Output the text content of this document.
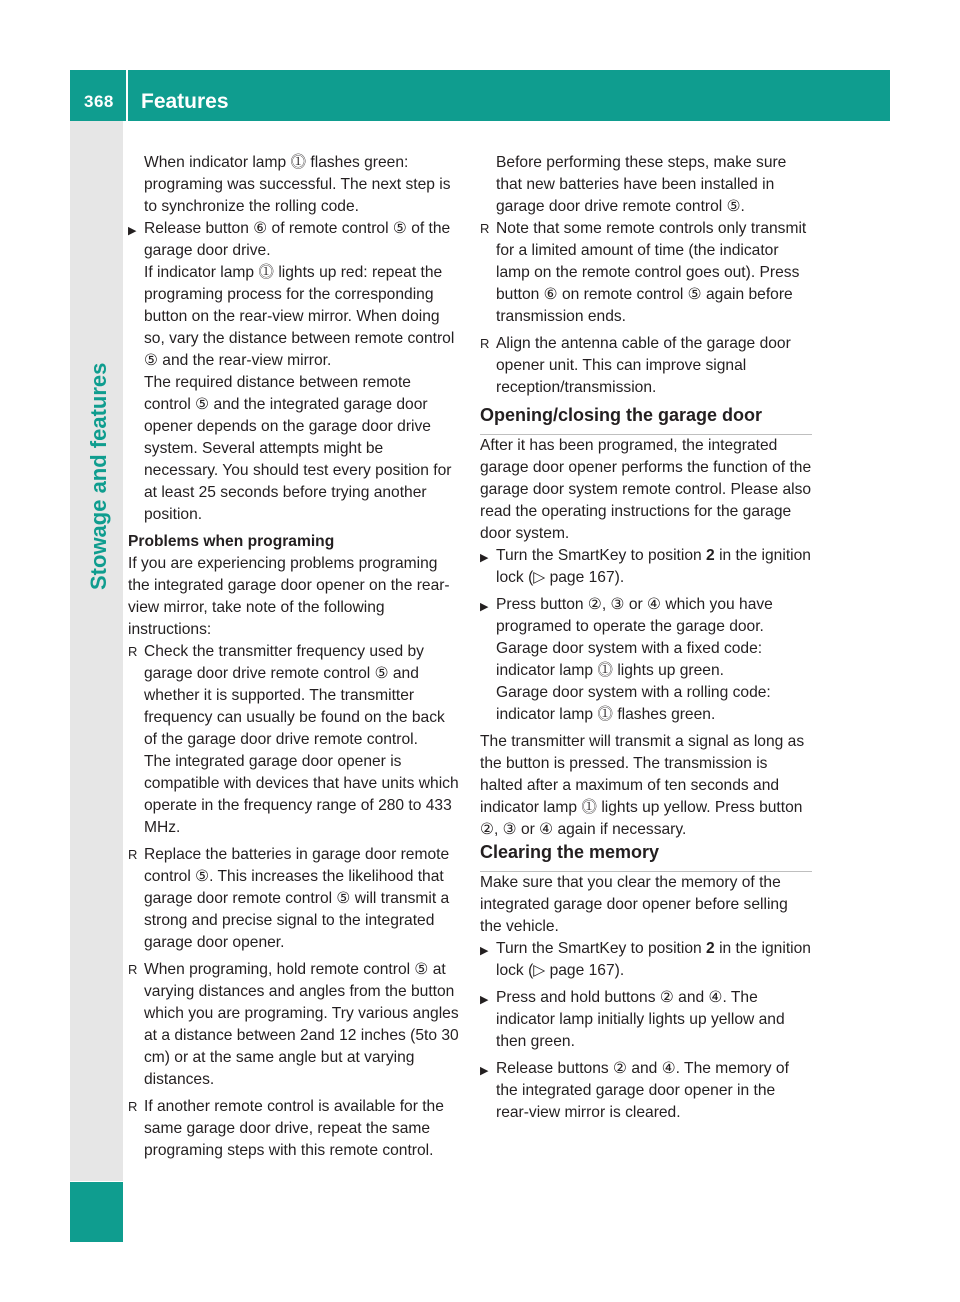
368 Features
Stowage and features

When indicator lamp ⓵ flashes green: programing was successful. The next step is to synchronize the rolling code.

▶ Release button ⑥ of remote control ⑤ of the garage door drive.

If indicator lamp ⓵ lights up red: repeat the programing process for the corresponding button on the rear-view mirror. When doing so, vary the distance between remote control ⑤ and the rear-view mirror.

The required distance between remote control ⑤ and the integrated garage door opener depends on the garage door drive system. Several attempts might be necessary. You should test every position for at least 25 seconds before trying another position.

Problems when programing

If you are experiencing problems programing the integrated garage door opener on the rear-view mirror, take note of the following instructions:

R Check the transmitter frequency used by garage door drive remote control ⑤ and whether it is supported. The transmitter frequency can usually be found on the back of the garage door drive remote control.

The integrated garage door opener is compatible with devices that have units which operate in the frequency range of 280 to 433 MHz.

R Replace the batteries in garage door remote control ⑤. This increases the likelihood that garage door remote control ⑤ will transmit a strong and precise signal to the integrated garage door opener.

R When programing, hold remote control ⑤ at varying distances and angles from the button which you are programing. Try various angles at a distance between 2and 12 inches (5to 30 cm) or at the same angle but at varying distances.

R If another remote control is available for the same garage door drive, repeat the same programing steps with this remote control.

Before performing these steps, make sure that new batteries have been installed in garage door drive remote control ⑤.

R Note that some remote controls only transmit for a limited amount of time (the indicator lamp on the remote control goes out). Press button ⑥ on remote control ⑤ again before transmission ends.

R Align the antenna cable of the garage door opener unit. This can improve signal reception/transmission.

Opening/closing the garage door

After it has been programed, the integrated garage door opener performs the function of the garage door system remote control. Please also read the operating instructions for the garage door system.

▶ Turn the SmartKey to position 2 in the ignition lock (▷ page 167).

▶ Press button ②, ③ or ④ which you have programed to operate the garage door. Garage door system with a fixed code: indicator lamp ⓵ lights up green.

Garage door system with a rolling code: indicator lamp ⓵ flashes green.

The transmitter will transmit a signal as long as the button is pressed. The transmission is halted after a maximum of ten seconds and indicator lamp ⓵ lights up yellow. Press button ②, ③ or ④ again if necessary.

Clearing the memory

Make sure that you clear the memory of the integrated garage door opener before selling the vehicle.

▶ Turn the SmartKey to position 2 in the ignition lock (▷ page 167).

▶ Press and hold buttons ② and ④. The indicator lamp initially lights up yellow and then green.

▶ Release buttons ② and ④. The memory of the integrated garage door opener in the rear-view mirror is cleared.
